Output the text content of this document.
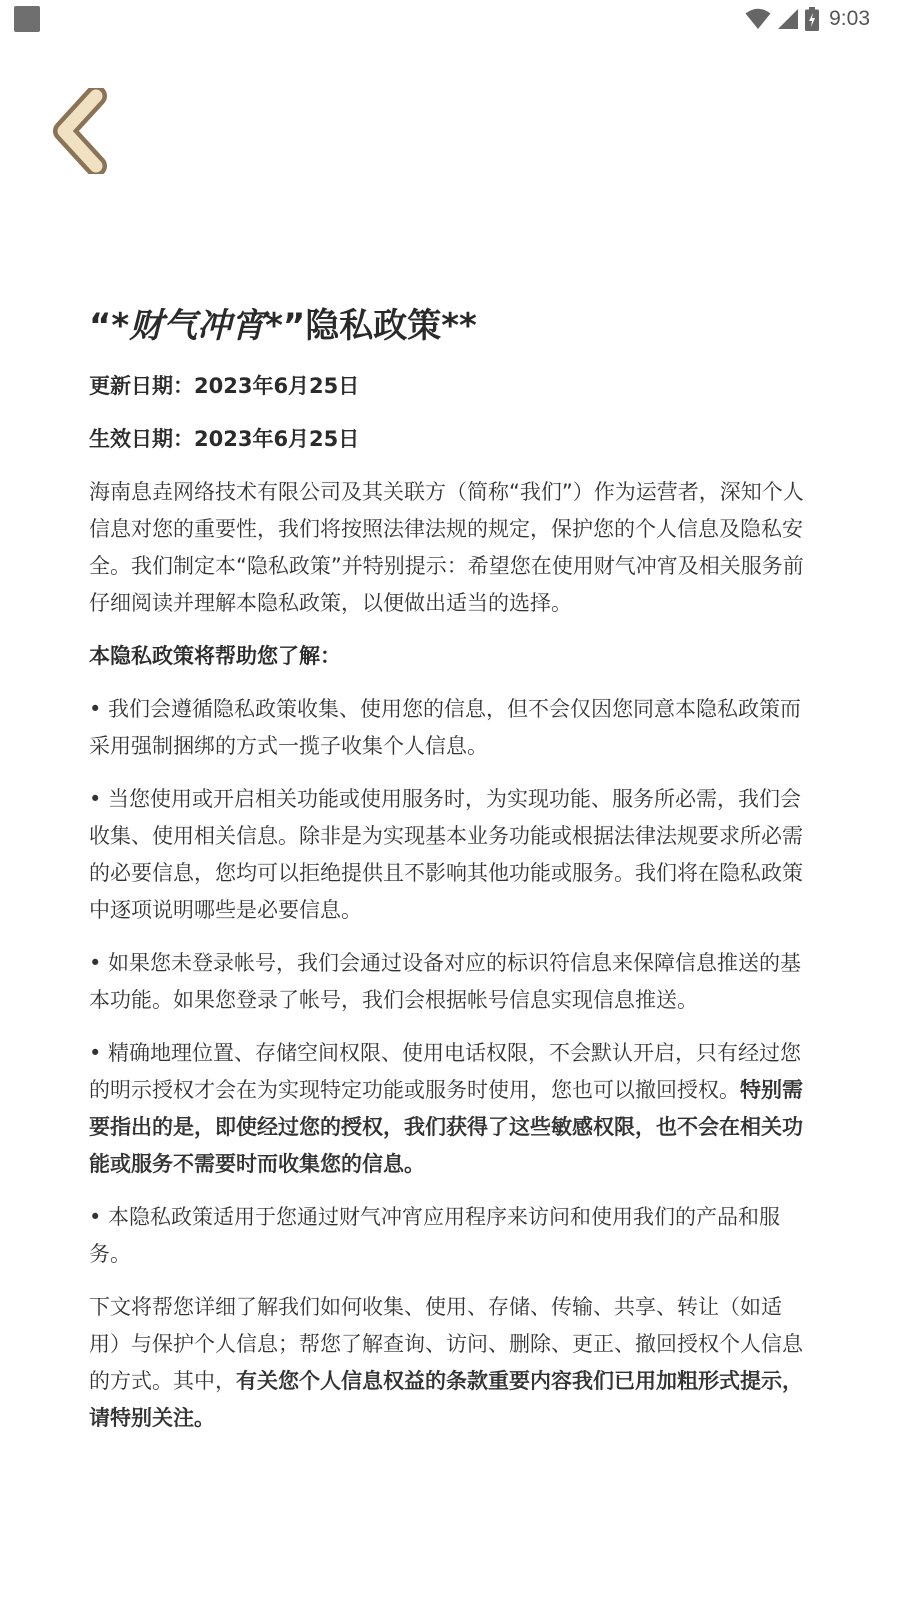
9:03
“*财气冲宵*”隐私政策**
更新日期：2023年6月25日
生效日期：2023年6月25日

海南息垚网络技术有限公司及其关联方（简称“我们”）作为运营者，深知个人信息对您的重要性，我们将按照法律法规的规定，保护您的个人信息及隐私安全。我们制定本“隐私政策”并特别提示：希望您在使用财气冲宵及相关服务前仔细阅读并理解本隐私政策，以便做出适当的选择。

本隐私政策将帮助您了解：

• 我们会遵循隐私政策收集、使用您的信息，但不会仅因您同意本隐私政策而采用强制捆绑的方式一揽子收集个人信息。

• 当您使用或开启相关功能或使用服务时，为实现功能、服务所必需，我们会收集、使用相关信息。除非是为实现基本业务功能或根据法律法规要求所必需的必要信息，您均可以拒绝提供且不影响其他功能或服务。我们将在隐私政策中逐项说明哪些是必要信息。

• 如果您未登录帐号，我们会通过设备对应的标识符信息来保障信息推送的基本功能。如果您登录了帐号，我们会根据帐号信息实现信息推送。

• 精确地理位置、存储空间权限、使用电话权限，不会默认开启，只有经过您的明示授权才会在为实现特定功能或服务时使用，您也可以撤回授权。特别需要指出的是，即使经过您的授权，我们获得了这些敏感权限，也不会在相关功能或服务不需要时而收集您的信息。

• 本隐私政策适用于您通过财气冲宵应用程序来访问和使用我们的产品和服务。

下文将帮您详细了解我们如何收集、使用、存储、传输、共享、转让（如适用）与保护个人信息；帮您了解查询、访问、删除、更正、撤回授权个人信息的方式。其中，有关您个人信息权益的条款重要内容我们已用加粗形式提示，请特别关注。
